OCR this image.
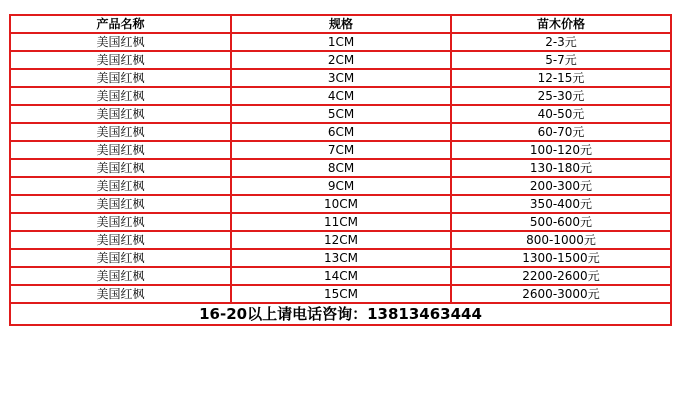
产品名称	规格	苗木价格
美国红枫	1CM	2-3元
美国红枫	2CM	5-7元
美国红枫	3CM	12-15元
美国红枫	4CM	25-30元
美国红枫	5CM	40-50元
美国红枫	6CM	60-70元
美国红枫	7CM	100-120元
美国红枫	8CM	130-180元
美国红枫	9CM	200-300元
美国红枫	10CM	350-400元
美国红枫	11CM	500-600元
美国红枫	12CM	800-1000元
美国红枫	13CM	1300-1500元
美国红枫	14CM	2200-2600元
美国红枫	15CM	2600-3000元
16-20以上请电话咨询：13813463444		
